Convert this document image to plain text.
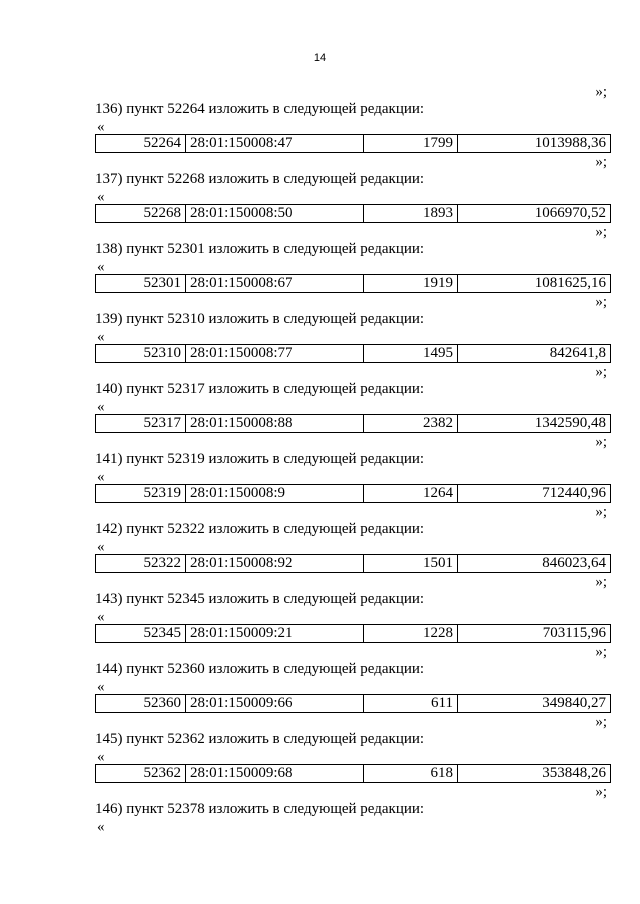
14
»;
136) пункт 52264 изложить в следующей редакции:
«
52264	28:01:150008:47	1799	1013988,36
»;
137) пункт 52268 изложить в следующей редакции:
«
52268	28:01:150008:50	1893	1066970,52
»;
138) пункт 52301 изложить в следующей редакции:
«
52301	28:01:150008:67	1919	1081625,16
»;
139) пункт 52310 изложить в следующей редакции:
«
52310	28:01:150008:77	1495	842641,8
»;
140) пункт 52317 изложить в следующей редакции:
«
52317	28:01:150008:88	2382	1342590,48
»;
141) пункт 52319 изложить в следующей редакции:
«
52319	28:01:150008:9	1264	712440,96
»;
142) пункт 52322 изложить в следующей редакции:
«
52322	28:01:150008:92	1501	846023,64
»;
143) пункт 52345 изложить в следующей редакции:
«
52345	28:01:150009:21	1228	703115,96
»;
144) пункт 52360 изложить в следующей редакции:
«
52360	28:01:150009:66	611	349840,27
»;
145) пункт 52362 изложить в следующей редакции:
«
52362	28:01:150009:68	618	353848,26
»;
146) пункт 52378 изложить в следующей редакции:
«
